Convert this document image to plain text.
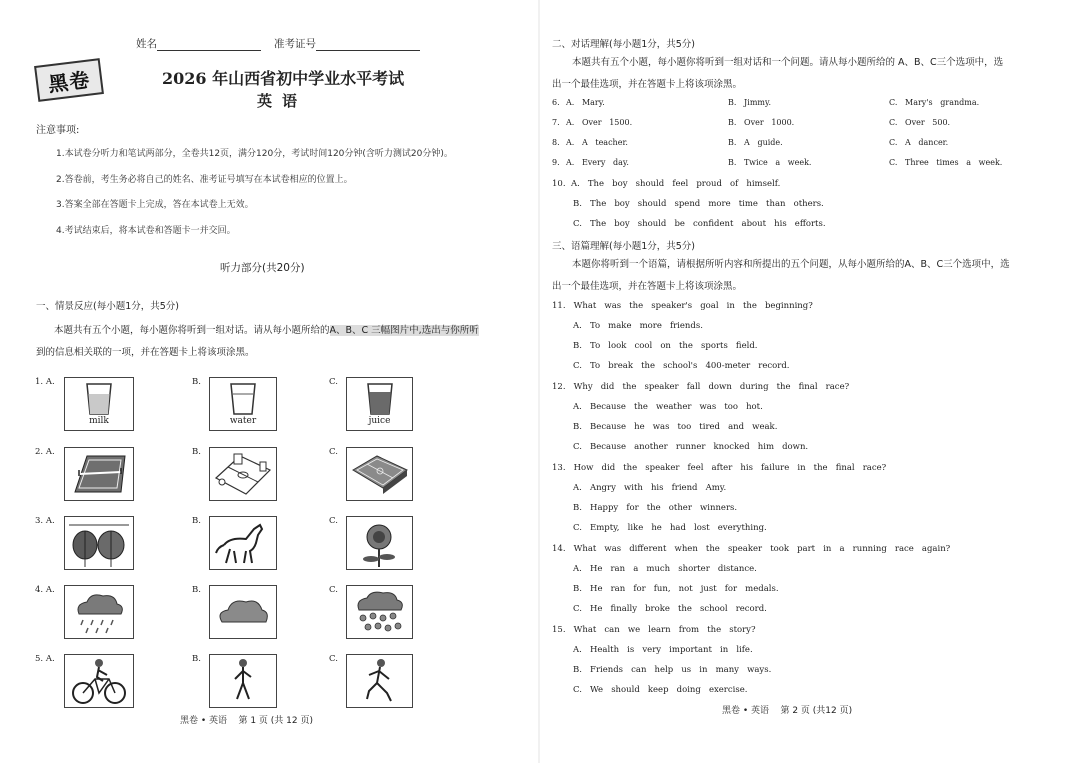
姓名	准考证号
黑卷	2026 年山西省初中学业水平考试
英语
注意事项:
1.本试卷分听力和笔试两部分，全卷共12页，满分120分，考试时间120分钟(含听力测试20分钟)。
2.答卷前，考生务必将自己的姓名、准考证号填写在本试卷相应的位置上。
3.答案全部在答题卡上完成，答在本试卷上无效。
4.考试结束后，将本试卷和答题卡一并交回。
听力部分(共20分)
一、情景反应(每小题1分，共5分)
本题共有五个小题，每小题你将听到一组对话。请从每小题所给的A、B、C 三幅图片中,选出与你所听
到的信息相关联的一项，并在答题卡上将该项涂黑。
1. A.	B.	C.
milk	water	juice
2. A.	B.	C.
3. A.	B.	C.
4. A.	B.	C.
5. A.	B.	C.
黑卷 • 英语    第 1 页 (共 12 页)
二、对话理解(每小题1分，共5分)
本题共有五个小题，每小题你将听到一组对话和一个问题。请从每小题所给的 A、B、C三个选项中，选
出一个最佳选项，并在答题卡上将该项涂黑。
6. A.   Mary.	B.   Jimmy.	C.   Mary's   grandma.
7. A.   Over   1500.	B.   Over   1000.	C.   Over   500.
8. A.   A   teacher.	B.   A   guide.	C.   A   dancer.
9. A.   Every   day.	B.   Twice   a   week.	C.   Three   times   a   week.
10. A.   The   boy   should   feel   proud   of   himself.
B.   The   boy   should   spend   more   time   than   others.
C.   The   boy   should   be   confident   about   his   efforts.
三、语篇理解(每小题1分，共5分)
本题你将听到一个语篇，请根据所听内容和所提出的五个问题，从每小题所给的A、B、C三个选项中，选
出一个最佳选项，并在答题卡上将该项涂黑。
11.   What   was   the   speaker's   goal   in   the   beginning?
A.   To   make   more   friends.
B.   To   look   cool   on   the   sports   field.
C.   To   break   the   school's   400-meter   record.
12.   Why   did   the   speaker   fall   down   during   the   final   race?
A.   Because   the   weather   was   too   hot.
B.   Because   he   was   too   tired   and   weak.
C.   Because   another   runner   knocked   him   down.
13.   How   did   the   speaker   feel   after   his   failure   in   the   final   race?
A.   Angry   with   his   friend   Amy.
B.   Happy   for   the   other   winners.
C.   Empty,   like   he   had   lost   everything.
14.   What   was   different   when   the   speaker   took   part   in   a   running   race   again?
A.   He   ran   a   much   shorter   distance.
B.   He   ran   for   fun,   not   just   for   medals.
C.   He   finally   broke   the   school   record.
15.   What   can   we   learn   from   the   story?
A.   Health   is   very   important   in   life.
B.   Friends   can   help   us   in   many   ways.
C.   We   should   keep   doing   exercise.
黑卷 • 英语    第 2 页 (共12 页)
